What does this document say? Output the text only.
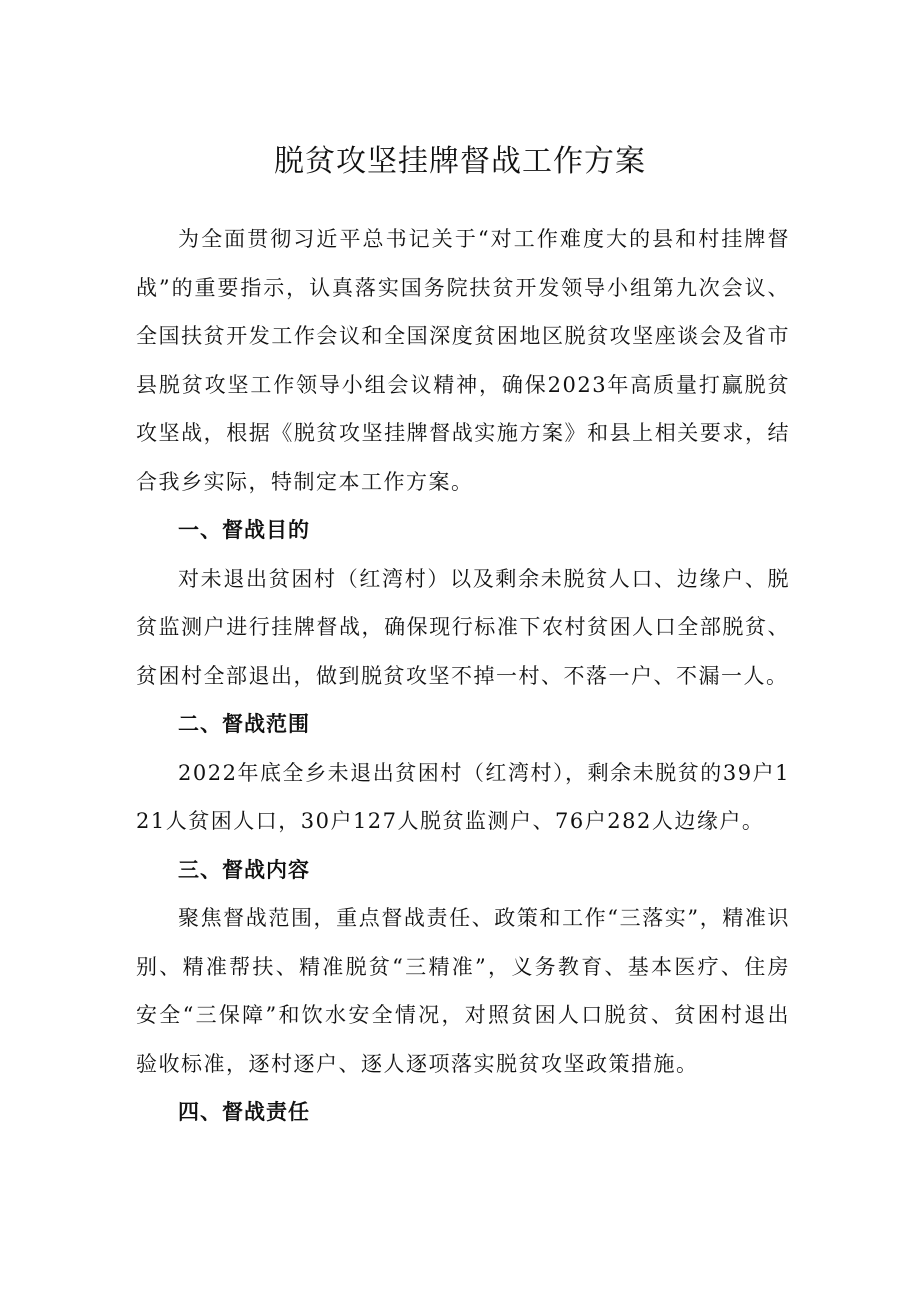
脱贫攻坚挂牌督战工作方案

为全面贯彻习近平总书记关于“对工作难度大的县和村挂牌督战”的重要指示，认真落实国务院扶贫开发领导小组第九次会议、全国扶贫开发工作会议和全国深度贫困地区脱贫攻坚座谈会及省市县脱贫攻坚工作领导小组会议精神，确保2023年高质量打赢脱贫攻坚战，根据《脱贫攻坚挂牌督战实施方案》和县上相关要求，结合我乡实际，特制定本工作方案。

一、督战目的

对未退出贫困村（红湾村）以及剩余未脱贫人口、边缘户、脱贫监测户进行挂牌督战，确保现行标准下农村贫困人口全部脱贫、贫困村全部退出，做到脱贫攻坚不掉一村、不落一户、不漏一人。

二、督战范围

2022年底全乡未退出贫困村（红湾村），剩余未脱贫的39户121人贫困人口，30户127人脱贫监测户、76户282人边缘户。

三、督战内容

聚焦督战范围，重点督战责任、政策和工作“三落实”，精准识别、精准帮扶、精准脱贫“三精准”，义务教育、基本医疗、住房安全“三保障”和饮水安全情况，对照贫困人口脱贫、贫困村退出验收标准，逐村逐户、逐人逐项落实脱贫攻坚政策措施。

四、督战责任
